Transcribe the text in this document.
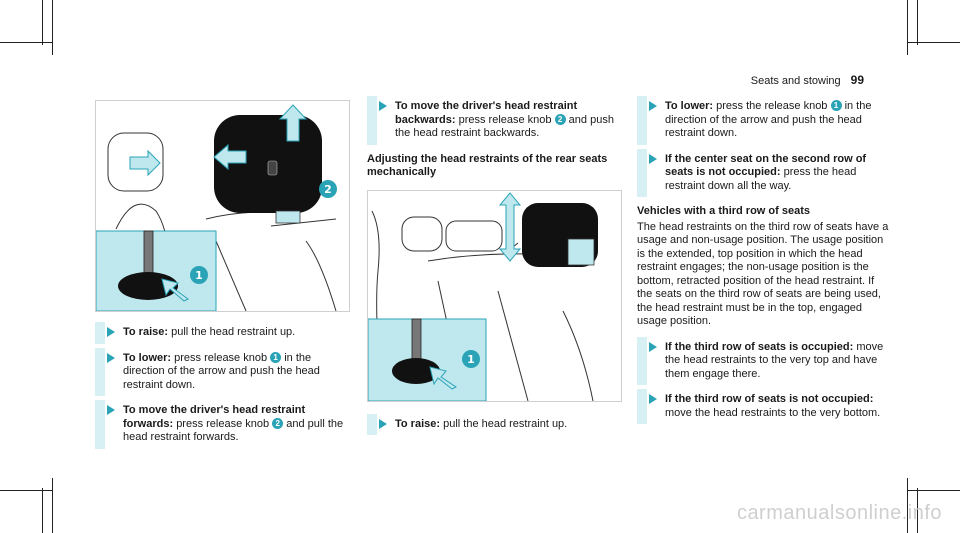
Seats and stowing 99
2
1
To raise: pull the head restraint up.
To lower: press release knob 1 in the direction of the arrow and push the head restraint down.
To move the driver's head restraint forwards: press release knob 2 and pull the head restraint forwards.
To move the driver's head restraint backwards: press release knob 2 and push the head restraint backwards.
Adjusting the head restraints of the rear seats mechanically
1
To raise: pull the head restraint up.
To lower: press the release knob 1 in the direction of the arrow and push the head restraint down.
If the center seat on the second row of seats is not occupied: press the head restraint down all the way.
Vehicles with a third row of seats
The head restraints on the third row of seats have a usage and non-usage position. The usage position is the extended, top position in which the head restraint engages; the non-usage position is the bottom, retracted position of the head restraint. If the seats on the third row of seats are being used, the head restraint must be in the top, engaged usage position.
If the third row of seats is occupied: move the head restraints to the very top and have them engage there.
If the third row of seats is not occupied: move the head restraints to the very bottom.
carmanualsonline.info
